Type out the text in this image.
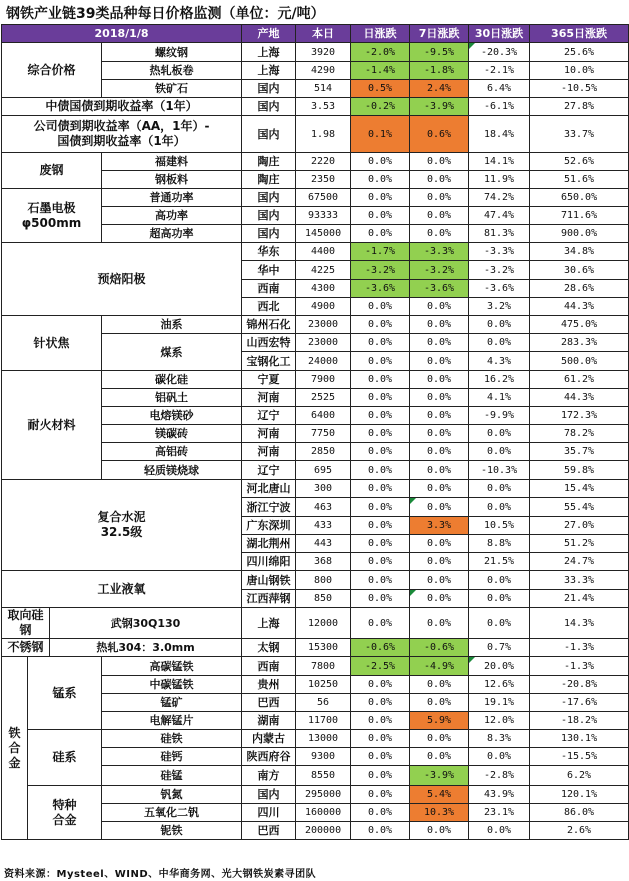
钢铁产业链39类品种每日价格监测（单位：元/吨）
2018/1/8				产地	本日	日涨跌	7日涨跌	30日涨跌	365日涨跌
综合价格			螺纹钢	上海	3920	-2.0%	-9.5%	-20.3%	25.6%
			热轧板卷	上海	4290	-1.4%	-1.8%	-2.1%	10.0%
			铁矿石	国内	514	0.5%	2.4%	6.4%	-10.5%
中债国债到期收益率（1年）				国内	3.53	-0.2%	-3.9%	-6.1%	27.8%
公司债到期收益率（AA，1年）-
国债到期收益率（1年）				国内	1.98	0.1%	0.6%	18.4%	33.7%
废钢			福建料	陶庄	2220	0.0%	0.0%	14.1%	52.6%
			钢板料	陶庄	2350	0.0%	0.0%	11.9%	51.6%
石墨电极
φ500mm			普通功率	国内	67500	0.0%	0.0%	74.2%	650.0%
			高功率	国内	93333	0.0%	0.0%	47.4%	711.6%
			超高功率	国内	145000	0.0%	0.0%	81.3%	900.0%
预焙阳极				华东	4400	-1.7%	-3.3%	-3.3%	34.8%
				华中	4225	-3.2%	-3.2%	-3.2%	30.6%
				西南	4300	-3.6%	-3.6%	-3.6%	28.6%
				西北	4900	0.0%	0.0%	3.2%	44.3%
针状焦			油系	锦州石化	23000	0.0%	0.0%	0.0%	475.0%
			煤系	山西宏特	23000	0.0%	0.0%	0.0%	283.3%
				宝钢化工	24000	0.0%	0.0%	4.3%	500.0%
耐火材料			碳化硅	宁夏	7900	0.0%	0.0%	16.2%	61.2%
			铝矾土	河南	2525	0.0%	0.0%	4.1%	44.3%
			电熔镁砂	辽宁	6400	0.0%	0.0%	-9.9%	172.3%
			镁碳砖	河南	7750	0.0%	0.0%	0.0%	78.2%
			高铝砖	河南	2850	0.0%	0.0%	0.0%	35.7%
			轻质镁烧球	辽宁	695	0.0%	0.0%	-10.3%	59.8%
复合水泥
32.5级				河北唐山	300	0.0%	0.0%	0.0%	15.4%
				浙江宁波	463	0.0%	0.0%	0.0%	55.4%
				广东深圳	433	0.0%	3.3%	10.5%	27.0%
				湖北荆州	443	0.0%	0.0%	8.8%	51.2%
				四川绵阳	368	0.0%	0.0%	21.5%	24.7%
工业液氧				唐山钢铁	800	0.0%	0.0%	0.0%	33.3%
				江西萍钢	850	0.0%	0.0%	0.0%	21.4%
取向硅钢		武钢30Q130		上海	12000	0.0%	0.0%	0.0%	14.3%
不锈钢		热轧304：3.0mm		太钢	15300	-0.6%	-0.6%	0.7%	-1.3%

铁
合
金	锰系		高碳锰铁	西南	7800	-2.5%	-4.9%	20.0%	-1.3%
			中碳锰铁	贵州	10250	0.0%	0.0%	12.6%	-20.8%
			锰矿	巴西	56	0.0%	0.0%	19.1%	-17.6%
			电解锰片	湖南	11700	0.0%	5.9%	12.0%	-18.2%
	硅系		硅铁	内蒙古	13000	0.0%	0.0%	8.3%	130.1%
			硅钙	陕西府谷	9300	0.0%	0.0%	0.0%	-15.5%
			硅锰	南方	8550	0.0%	-3.9%	-2.8%	6.2%
	特种
合金		钒氮	国内	295000	0.0%	5.4%	43.9%	120.1%
			五氧化二钒	四川	160000	0.0%	10.3%	23.1%	86.0%
			铌铁	巴西	200000	0.0%	0.0%	0.0%	2.6%
资料来源：Mysteel、WIND、中华商务网、光大钢铁炭素寻团队
